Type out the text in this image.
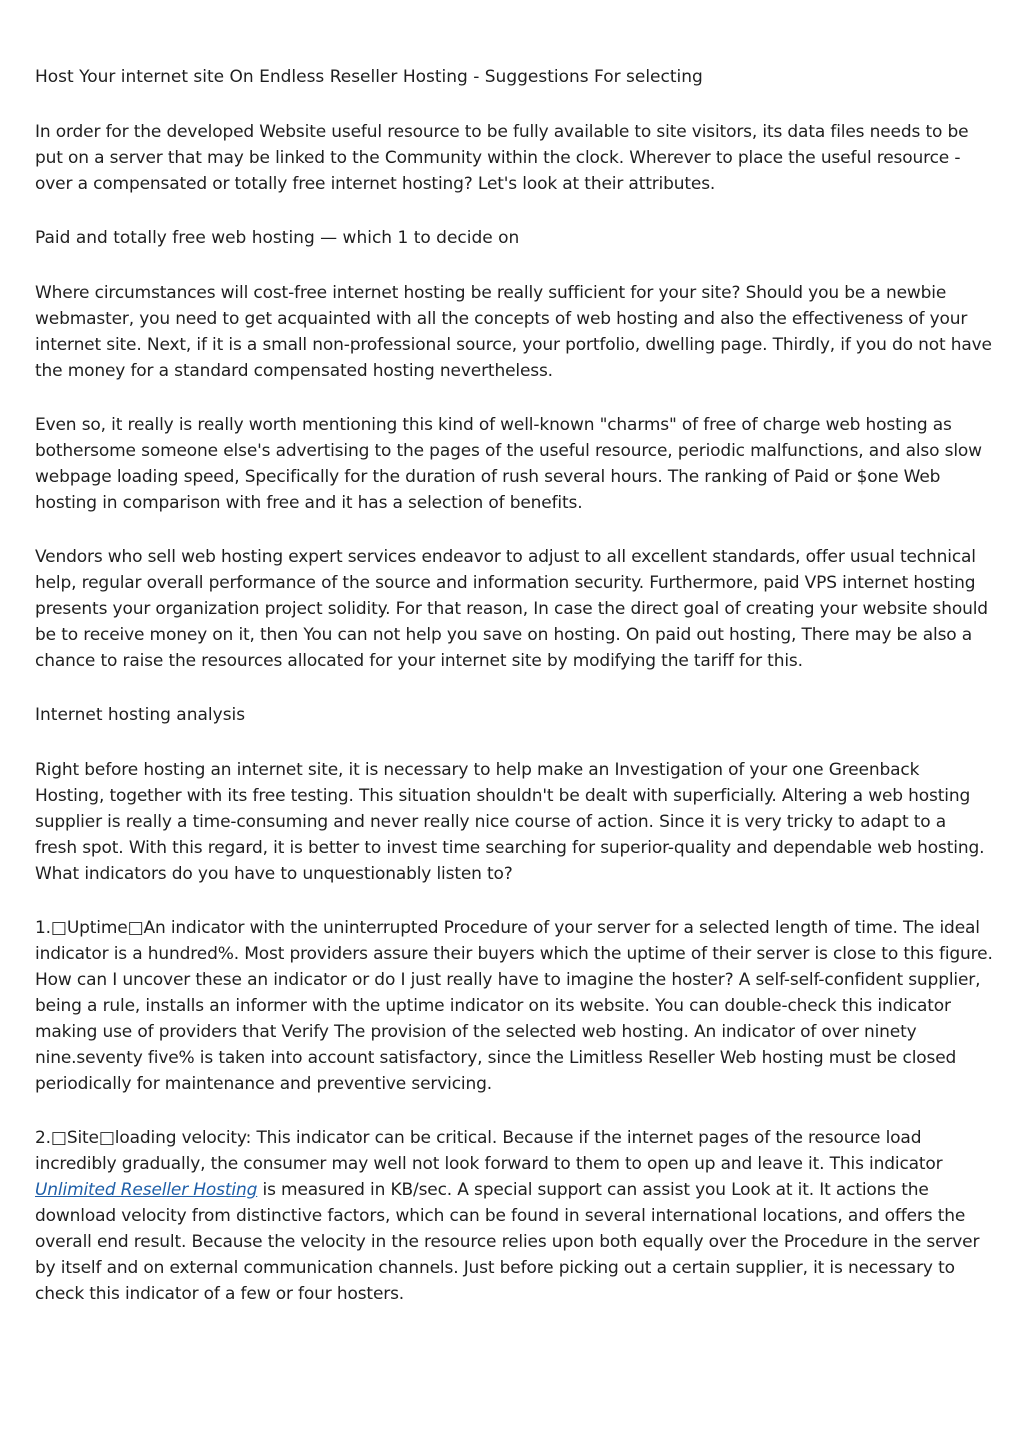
Host Your internet site On Endless Reseller Hosting - Suggestions For selecting

In order for the developed Website useful resource to be fully available to site visitors, its data files needs to be put on a server that may be linked to the Community within the clock. Wherever to place the useful resource - over a compensated or totally free internet hosting? Let's look at their attributes.

Paid and totally free web hosting — which 1 to decide on

Where circumstances will cost-free internet hosting be really sufficient for your site? Should you be a newbie webmaster, you need to get acquainted with all the concepts of web hosting and also the effectiveness of your internet site. Next, if it is a small non-professional source, your portfolio, dwelling page. Thirdly, if you do not have the money for a standard compensated hosting nevertheless.

Even so, it really is really worth mentioning this kind of well-known "charms" of free of charge web hosting as bothersome someone else's advertising to the pages of the useful resource, periodic malfunctions, and also slow webpage loading speed, Specifically for the duration of rush several hours. The ranking of Paid or $one Web hosting in comparison with free and it has a selection of benefits.

Vendors who sell web hosting expert services endeavor to adjust to all excellent standards, offer usual technical help, regular overall performance of the source and information security. Furthermore, paid VPS internet hosting presents your organization project solidity. For that reason, In case the direct goal of creating your website should be to receive money on it, then You can not help you save on hosting. On paid out hosting, There may be also a chance to raise the resources allocated for your internet site by modifying the tariff for this.

Internet hosting analysis

Right before hosting an internet site, it is necessary to help make an Investigation of your one Greenback Hosting, together with its free testing. This situation shouldn't be dealt with superficially. Altering a web hosting supplier is really a time-consuming and never really nice course of action. Since it is very tricky to adapt to a fresh spot. With this regard, it is better to invest time searching for superior-quality and dependable web hosting. What indicators do you have to unquestionably listen to?

1.□Uptime□An indicator with the uninterrupted Procedure of your server for a selected length of time. The ideal indicator is a hundred%. Most providers assure their buyers which the uptime of their server is close to this figure. How can I uncover these an indicator or do I just really have to imagine the hoster? A self-self-confident supplier, being a rule, installs an informer with the uptime indicator on its website. You can double-check this indicator making use of providers that Verify The provision of the selected web hosting. An indicator of over ninety nine.seventy five% is taken into account satisfactory, since the Limitless Reseller Web hosting must be closed periodically for maintenance and preventive servicing.

2.□Site□loading velocity: This indicator can be critical. Because if the internet pages of the resource load incredibly gradually, the consumer may well not look forward to them to open up and leave it. This indicator Unlimited Reseller Hosting is measured in KB/sec. A special support can assist you Look at it. It actions the download velocity from distinctive factors, which can be found in several international locations, and offers the overall end result. Because the velocity in the resource relies upon both equally over the Procedure in the server by itself and on external communication channels. Just before picking out a certain supplier, it is necessary to check this indicator of a few or four hosters.
